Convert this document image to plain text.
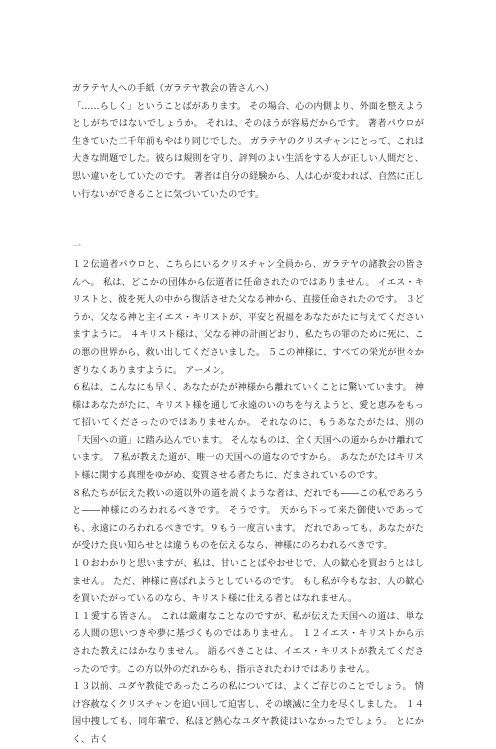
ガラテヤ人への手紙（ガラテヤ教会の皆さんへ）

「……らしく」ということばがあります。 その場合、心の内側より、外面を整えようとしがちではないでしょうか。 それは、そのほうが容易だからです。 著者パウロが生きていた二千年前もやはり同じでした。 ガラテヤのクリスチャンにとって、これは大きな問題でした。彼らは規則を守り、評判のよい生活をする人が正しい人間だと、思い違いをしていたのです。 著者は自分の経験から、人は心が変われば、自然に正しい行ないができることに気づいていたのです。

一

１２伝道者パウロと、こちらにいるクリスチャン全員から、ガラテヤの諸教会の皆さんへ。 私は、どこかの団体から伝道者に任命されたのではありません。 イエス・キリストと、彼を死人の中から復活させた父なる神から、直接任命されたのです。 ３どうか、父なる神と主イエス・キリストが、平安と祝福をあなたがたに与えてくださいますように。 ４キリスト様は、父なる神の計画どおり、私たちの罪のために死に、この悪の世界から、救い出してくださいました。 ５この神様に、すべての栄光が世々かぎりなくありますように。 アーメン。

６私は、こんなにも早く、あなたがたが神様から離れていくことに驚いています。 神様はあなたがたに、キリスト様を通して永遠のいのちを与えようと、愛と恵みをもって招いてくださったのではありませんか。 それなのに、もうあなたがたは、別の「天国への道」に踏み込んでいます。 そんなものは、全く天国への道からかけ離れています。 ７私が教えた道が、唯一の天国への道なのですから。 あなたがたはキリスト様に関する真理をゆがめ、変質させる者たちに、だまされているのです。

８私たちが伝えた救いの道以外の道を説くような者は、だれでも――この私であろうと――神様にのろわれるべきです。 そうです。 天から下って来た御使いであっても、永遠にのろわれるべきです。９もう一度言います。 だれであっても、あなたがたが受けた良い知らせとは違うものを伝えるなら、神様にのろわれるべきです。

１０おわかりと思いますが、私は、甘いことばやおせじで、人の歓心を買おうとはしません。 ただ、神様に喜ばれようとしているのです。 もし私が今もなお、人の歓心を買いたがっているのなら、キリスト様に仕える者とはなれません。

１１愛する皆さん。 これは厳粛なことなのですが、私が伝えた天国への道は、単なる人間の思いつきや夢に基づくものではありません。 １２イエス・キリストから示された教えにはかなりません。 語るべきことは、イエス・キリストが教えてくださったのです。この方以外のだれからも、指示されたわけではありません。

１３以前、ユダヤ教徒であったころの私については、よくご存じのことでしょう。 情け容赦なくクリスチャンを追い回して迫害し、その壊滅に全力を尽くしました。 １４国中捜しても、同年輩で、私ほど熱心なユダヤ教徒はいなかったでしょう。 とにかく、古く
